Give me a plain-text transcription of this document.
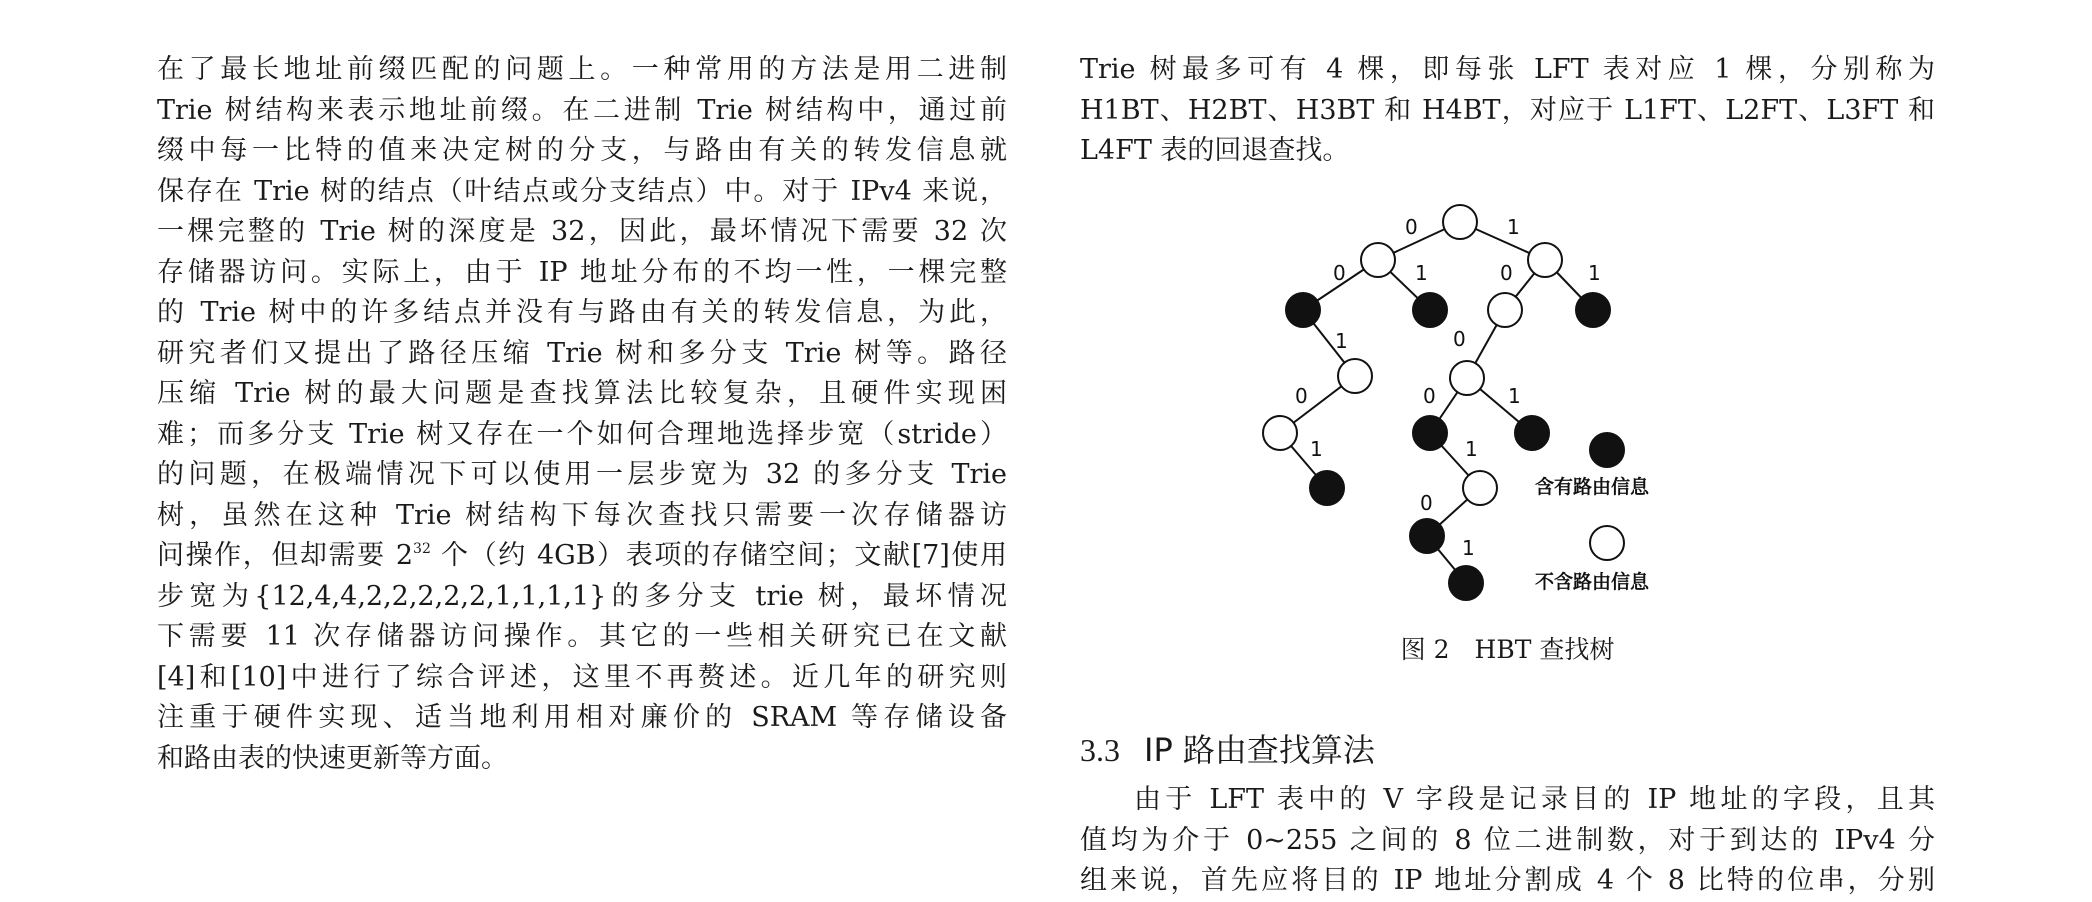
在了最长地址前缀匹配的问题上。一种常用的方法是用二进制
Trie 树结构来表示地址前缀。在二进制 Trie 树结构中，通过前
缀中每一比特的值来决定树的分支，与路由有关的转发信息就
保存在 Trie 树的结点（叶结点或分支结点）中。对于 IPv4 来说，
一棵完整的 Trie 树的深度是 32，因此，最坏情况下需要 32 次
存储器访问。实际上，由于 IP 地址分布的不均一性，一棵完整
的 Trie 树中的许多结点并没有与路由有关的转发信息，为此，
研究者们又提出了路径压缩 Trie 树和多分支 Trie 树等。路径
压缩 Trie 树的最大问题是查找算法比较复杂，且硬件实现困
难；而多分支 Trie 树又存在一个如何合理地选择步宽（stride）
的问题，在极端情况下可以使用一层步宽为 32 的多分支 Trie
树，虽然在这种 Trie 树结构下每次查找只需要一次存储器访
问操作，但却需要 $2^{32}$ 个（约 4GB）表项的存储空间；文献[7]使用
步宽为{12,4,4,2,2,2,2,2,1,1,1,1}的多分支 trie 树，最坏情况
下需要 11 次存储器访问操作。其它的一些相关研究已在文献
[4]和[10]中进行了综合评述，这里不再赘述。近几年的研究则
注重于硬件实现、适当地利用相对廉价的 SRAM 等存储设备
和路由表的快速更新等方面。
Trie 树最多可有 4 棵，即每张 LFT 表对应 1 棵，分别称为
H1BT、H2BT、H3BT 和 H4BT，对应于 L1FT、L2FT、L3FT 和
L4FT 表的回退查找。
0	1
0	1	0	1
1
0
1
0
0	1
1
0
1
含有路由信息
不含路由信息
图 2　HBT 查找树
3.3 IP 路由查找算法
由于 LFT 表中的 V 字段是记录目的 IP 地址的字段，且其
值均为介于 0~255 之间的 8 位二进制数，对于到达的 IPv4 分
组来说，首先应将目的 IP 地址分割成 4 个 8 比特的位串，分别
